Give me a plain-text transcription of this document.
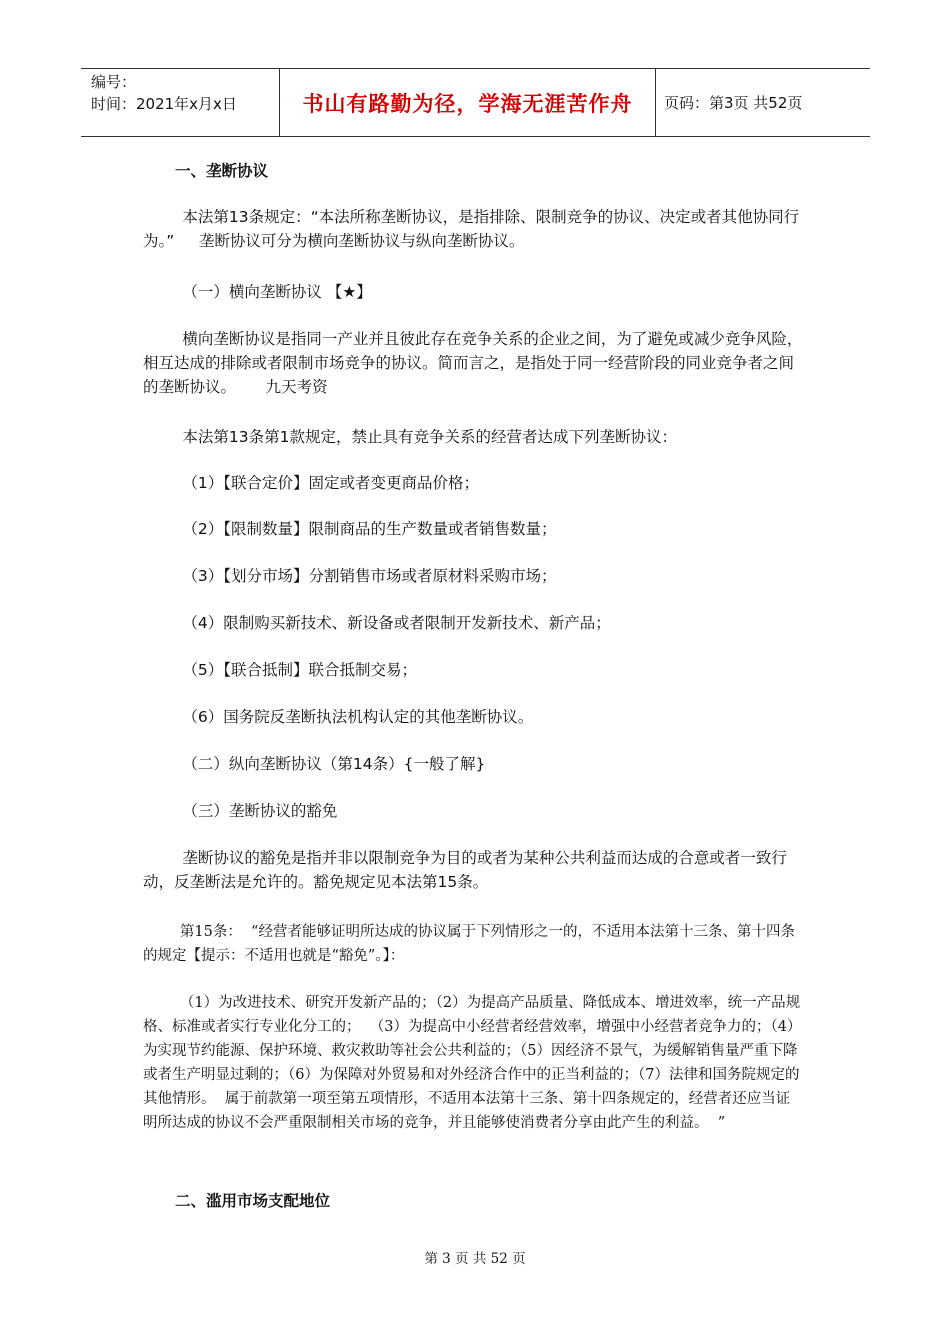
编号：
时间：2021年x月x日	书山有路勤为径，学海无涯苦作舟	页码：第3页 共52页
一、垄断协议
本法第13条规定：“本法所称垄断协议，是指排除、限制竞争的协议、决定或者其他协同行为。”     垄断协议可分为横向垄断协议与纵向垄断协议。
（一）横向垄断协议 【★】
横向垄断协议是指同一产业并且彼此存在竞争关系的企业之间，为了避免或减少竞争风险，相互达成的排除或者限制市场竞争的协议。简而言之，是指处于同一经营阶段的同业竞争者之间的垄断协议。      九天考资
本法第13条第1款规定，禁止具有竞争关系的经营者达成下列垄断协议：
（1）【联合定价】固定或者变更商品价格；
（2）【限制数量】限制商品的生产数量或者销售数量；
（3）【划分市场】分割销售市场或者原材料采购市场；
（4）限制购买新技术、新设备或者限制开发新技术、新产品；
（5）【联合抵制】联合抵制交易；
（6）国务院反垄断执法机构认定的其他垄断协议。
（二）纵向垄断协议（第14条）{一般了解}
（三）垄断协议的豁免
垄断协议的豁免是指并非以限制竞争为目的或者为某种公共利益而达成的合意或者一致行动，反垄断法是允许的。豁免规定见本法第15条。
第15条：  “经营者能够证明所达成的协议属于下列情形之一的，不适用本法第十三条、第十四条的规定【提示：不适用也就是“豁免”。】：
（1）为改进技术、研究开发新产品的；（2）为提高产品质量、降低成本、增进效率，统一产品规格、标准或者实行专业化分工的；  （3）为提高中小经营者经营效率，增强中小经营者竞争力的；（4）为实现节约能源、保护环境、救灾救助等社会公共利益的；（5）因经济不景气，为缓解销售量严重下降或者生产明显过剩的；（6）为保障对外贸易和对外经济合作中的正当利益的；（7）法律和国务院规定的其他情形。  属于前款第一项至第五项情形，不适用本法第十三条、第十四条规定的，经营者还应当证明所达成的协议不会严重限制相关市场的竞争，并且能够使消费者分享由此产生的利益。  ”
二、滥用市场支配地位
第 3 页 共 52 页
